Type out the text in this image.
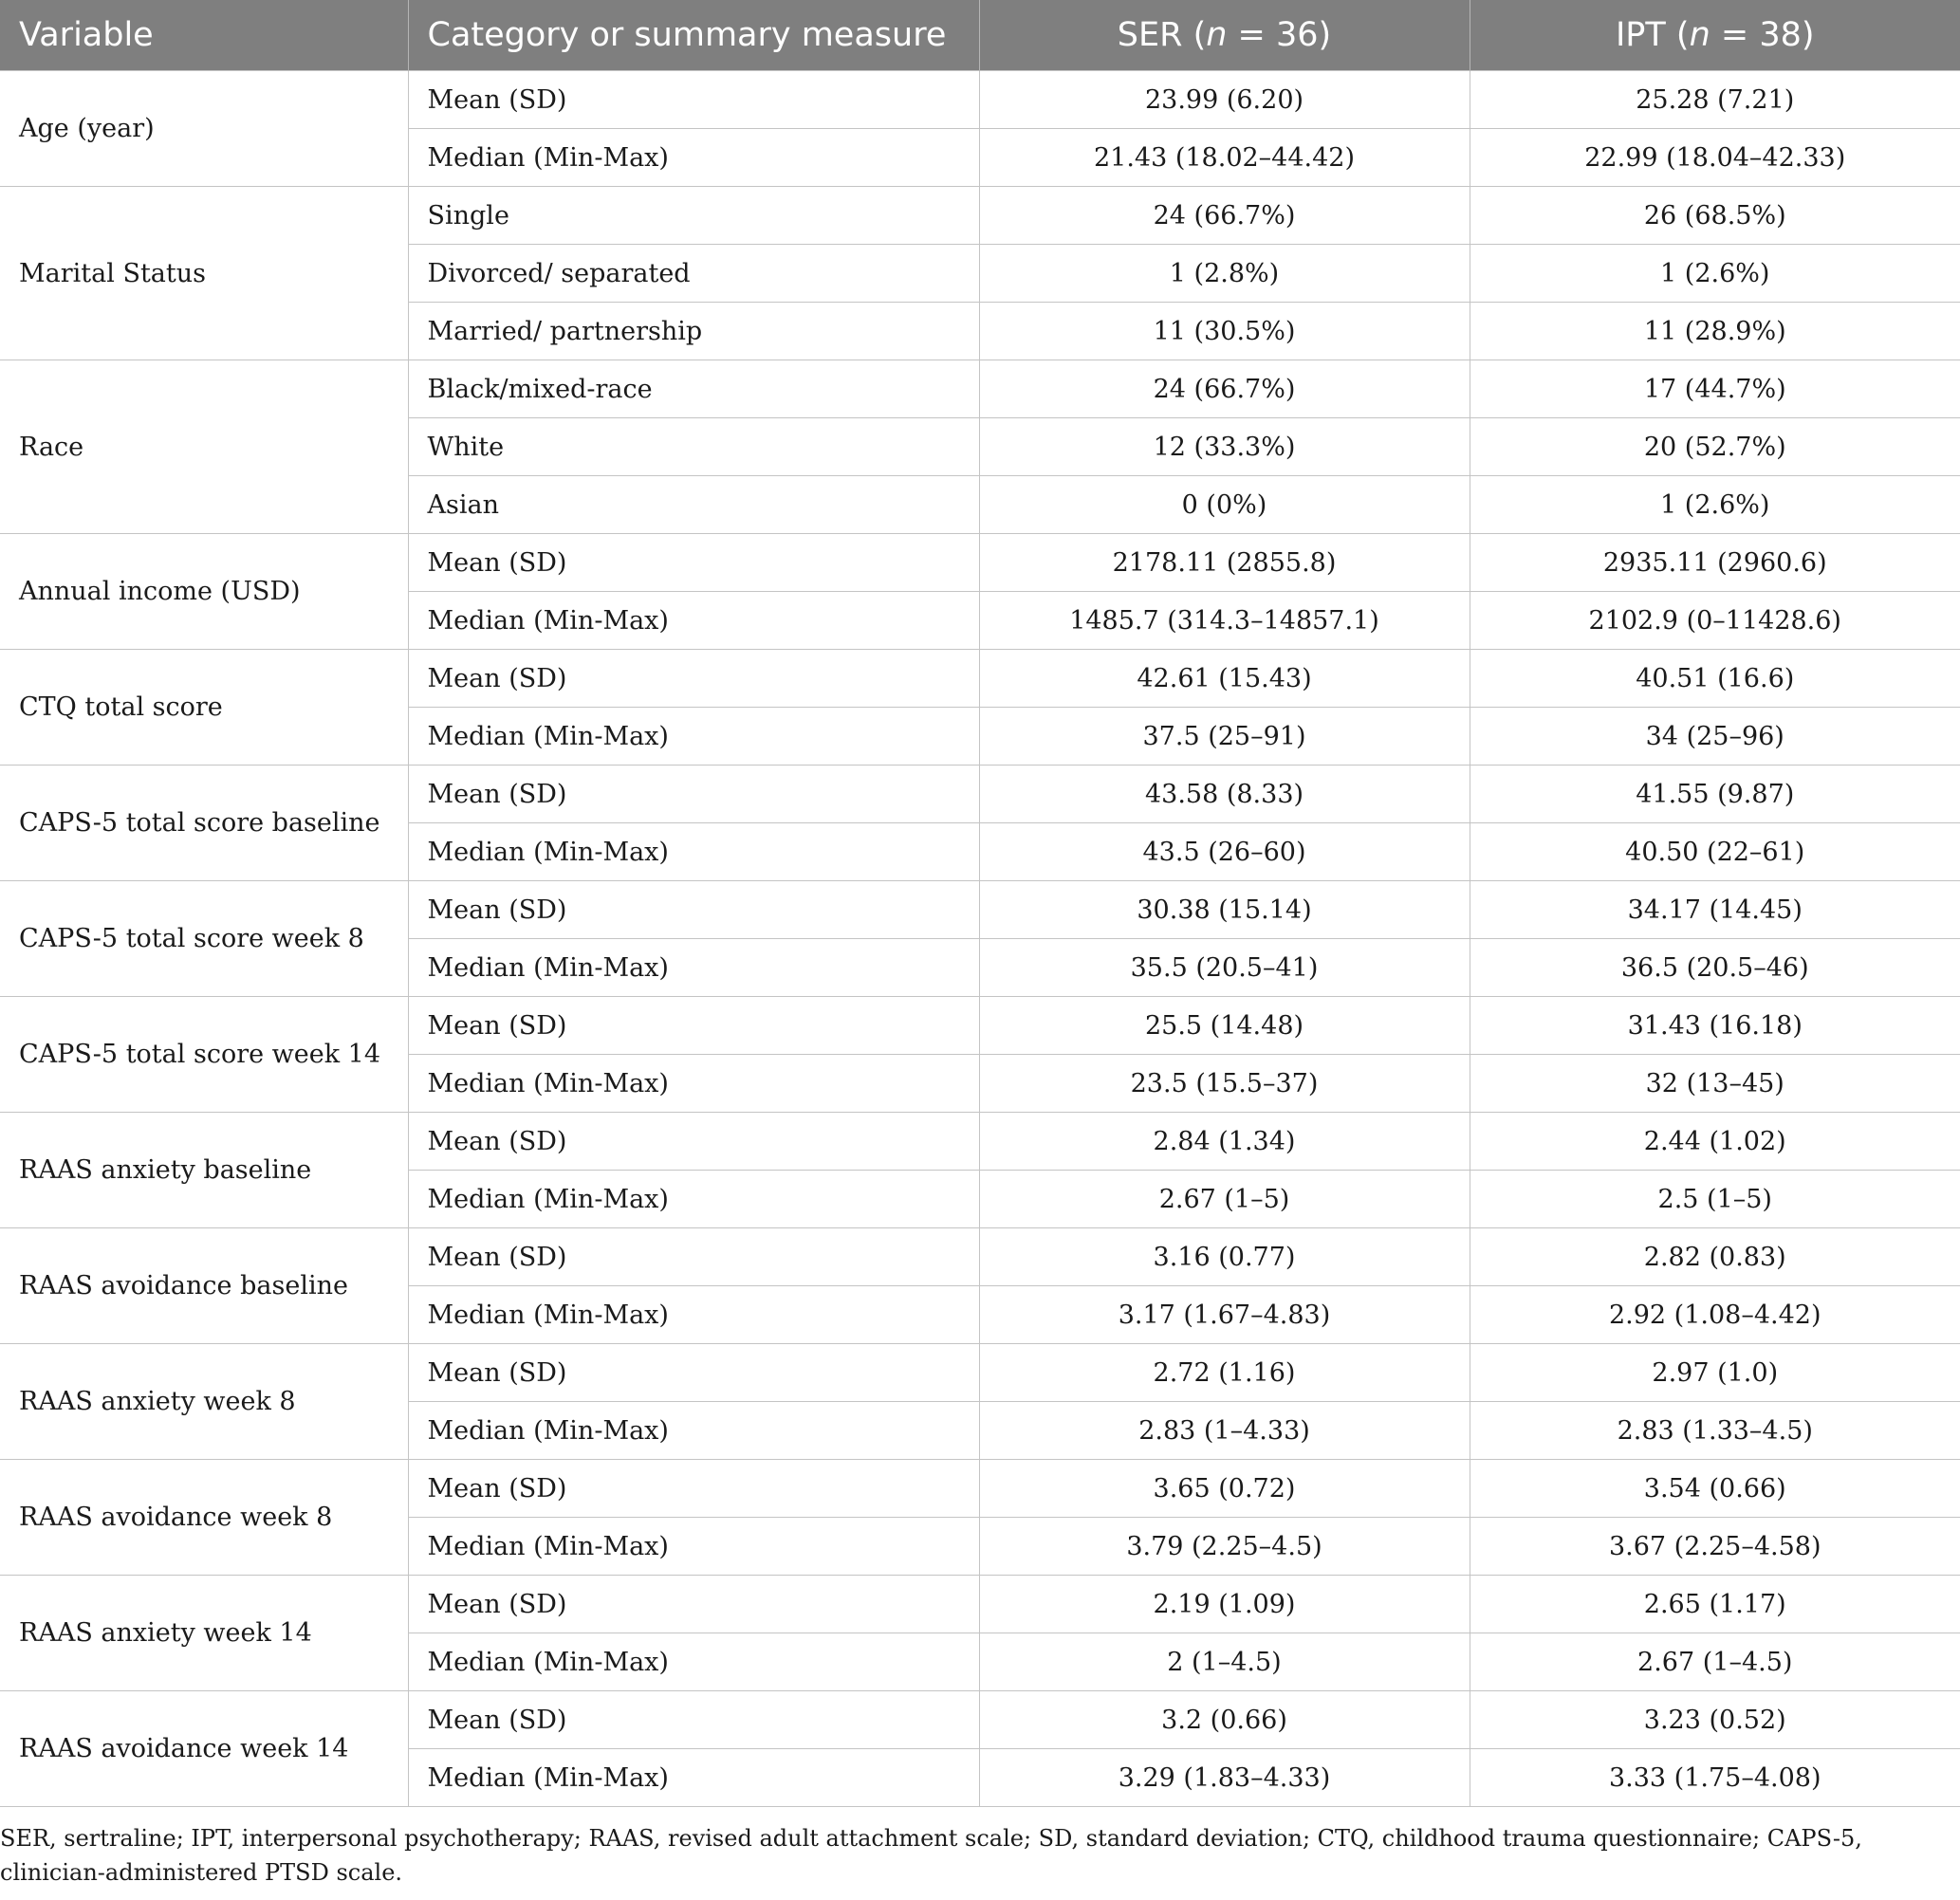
Variable	Category or summary measure	SER (n = 36)	IPT (n = 38)
Age (year)	Mean (SD)	23.99 (6.20)	25.28 (7.21)
	Median (Min-Max)	21.43 (18.02–44.42)	22.99 (18.04–42.33)
Marital Status	Single	24 (66.7%)	26 (68.5%)
	Divorced/ separated	1 (2.8%)	1 (2.6%)
	Married/ partnership	11 (30.5%)	11 (28.9%)
Race	Black/mixed-race	24 (66.7%)	17 (44.7%)
	White	12 (33.3%)	20 (52.7%)
	Asian	0 (0%)	1 (2.6%)
Annual income (USD)	Mean (SD)	2178.11 (2855.8)	2935.11 (2960.6)
	Median (Min-Max)	1485.7 (314.3–14857.1)	2102.9 (0–11428.6)
CTQ total score	Mean (SD)	42.61 (15.43)	40.51 (16.6)
	Median (Min-Max)	37.5 (25–91)	34 (25–96)
CAPS-5 total score baseline	Mean (SD)	43.58 (8.33)	41.55 (9.87)
	Median (Min-Max)	43.5 (26–60)	40.50 (22–61)
CAPS-5 total score week 8	Mean (SD)	30.38 (15.14)	34.17 (14.45)
	Median (Min-Max)	35.5 (20.5–41)	36.5 (20.5–46)
CAPS-5 total score week 14	Mean (SD)	25.5 (14.48)	31.43 (16.18)
	Median (Min-Max)	23.5 (15.5–37)	32 (13–45)
RAAS anxiety baseline	Mean (SD)	2.84 (1.34)	2.44 (1.02)
	Median (Min-Max)	2.67 (1–5)	2.5 (1–5)
RAAS avoidance baseline	Mean (SD)	3.16 (0.77)	2.82 (0.83)
	Median (Min-Max)	3.17 (1.67–4.83)	2.92 (1.08–4.42)
RAAS anxiety week 8	Mean (SD)	2.72 (1.16)	2.97 (1.0)
	Median (Min-Max)	2.83 (1–4.33)	2.83 (1.33–4.5)
RAAS avoidance week 8	Mean (SD)	3.65 (0.72)	3.54 (0.66)
	Median (Min-Max)	3.79 (2.25–4.5)	3.67 (2.25–4.58)
RAAS anxiety week 14	Mean (SD)	2.19 (1.09)	2.65 (1.17)
	Median (Min-Max)	2 (1–4.5)	2.67 (1–4.5)
RAAS avoidance week 14	Mean (SD)	3.2 (0.66)	3.23 (0.52)
	Median (Min-Max)	3.29 (1.83–4.33)	3.33 (1.75–4.08)
SER, sertraline; IPT, interpersonal psychotherapy; RAAS, revised adult attachment scale; SD, standard deviation; CTQ, childhood trauma questionnaire; CAPS-5, clinician-administered PTSD scale.
